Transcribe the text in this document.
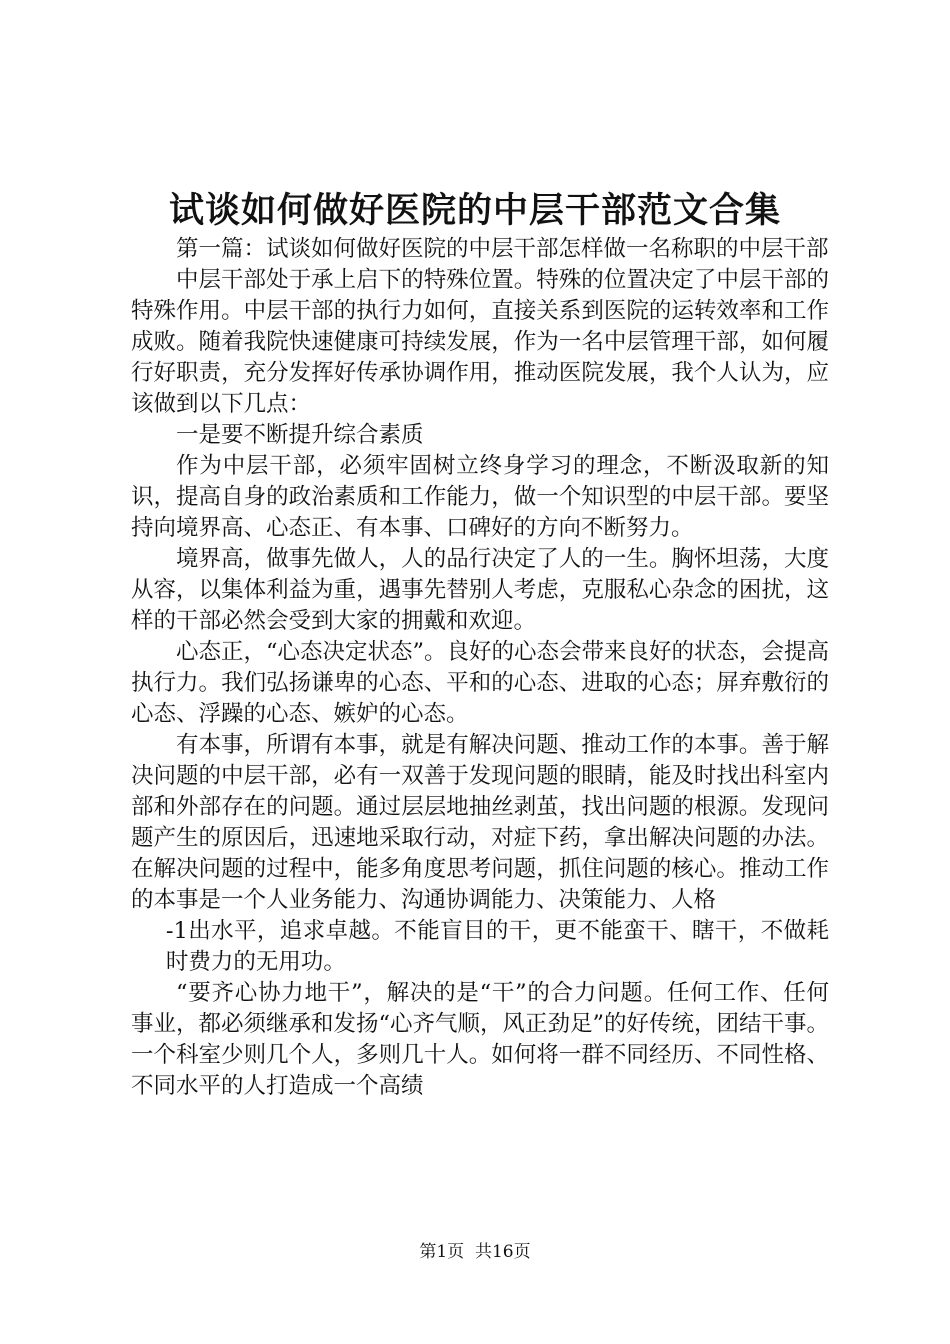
试谈如何做好医院的中层干部范文合集

第一篇：试谈如何做好医院的中层干部怎样做一名称职的中层干部

中层干部处于承上启下的特殊位置。特殊的位置决定了中层干部的特殊作用。中层干部的执行力如何，直接关系到医院的运转效率和工作成败。随着我院快速健康可持续发展，作为一名中层管理干部，如何履行好职责，充分发挥好传承协调作用，推动医院发展，我个人认为，应该做到以下几点：

一是要不断提升综合素质

作为中层干部，必须牢固树立终身学习的理念，不断汲取新的知识，提高自身的政治素质和工作能力，做一个知识型的中层干部。要坚持向境界高、心态正、有本事、口碑好的方向不断努力。

境界高，做事先做人，人的品行决定了人的一生。胸怀坦荡，大度从容，以集体利益为重，遇事先替别人考虑，克服私心杂念的困扰，这样的干部必然会受到大家的拥戴和欢迎。

心态正，“心态决定状态”。良好的心态会带来良好的状态，会提高执行力。我们弘扬谦卑的心态、平和的心态、进取的心态；屏弃敷衍的心态、浮躁的心态、嫉妒的心态。

有本事，所谓有本事，就是有解决问题、推动工作的本事。善于解决问题的中层干部，必有一双善于发现问题的眼睛，能及时找出科室内部和外部存在的问题。通过层层地抽丝剥茧，找出问题的根源。发现问题产生的原因后，迅速地采取行动，对症下药，拿出解决问题的办法。在解决问题的过程中，能多角度思考问题，抓住问题的核心。推动工作的本事是一个人业务能力、沟通协调能力、决策能力、人格

-1出水平，追求卓越。不能盲目的干，更不能蛮干、瞎干，不做耗时费力的无用功。

“要齐心协力地干”，解决的是“干”的合力问题。任何工作、任何事业，都必须继承和发扬“心齐气顺，风正劲足”的好传统，团结干事。一个科室少则几个人，多则几十人。如何将一群不同经历、不同性格、不同水平的人打造成一个高绩

第1页  共16页
